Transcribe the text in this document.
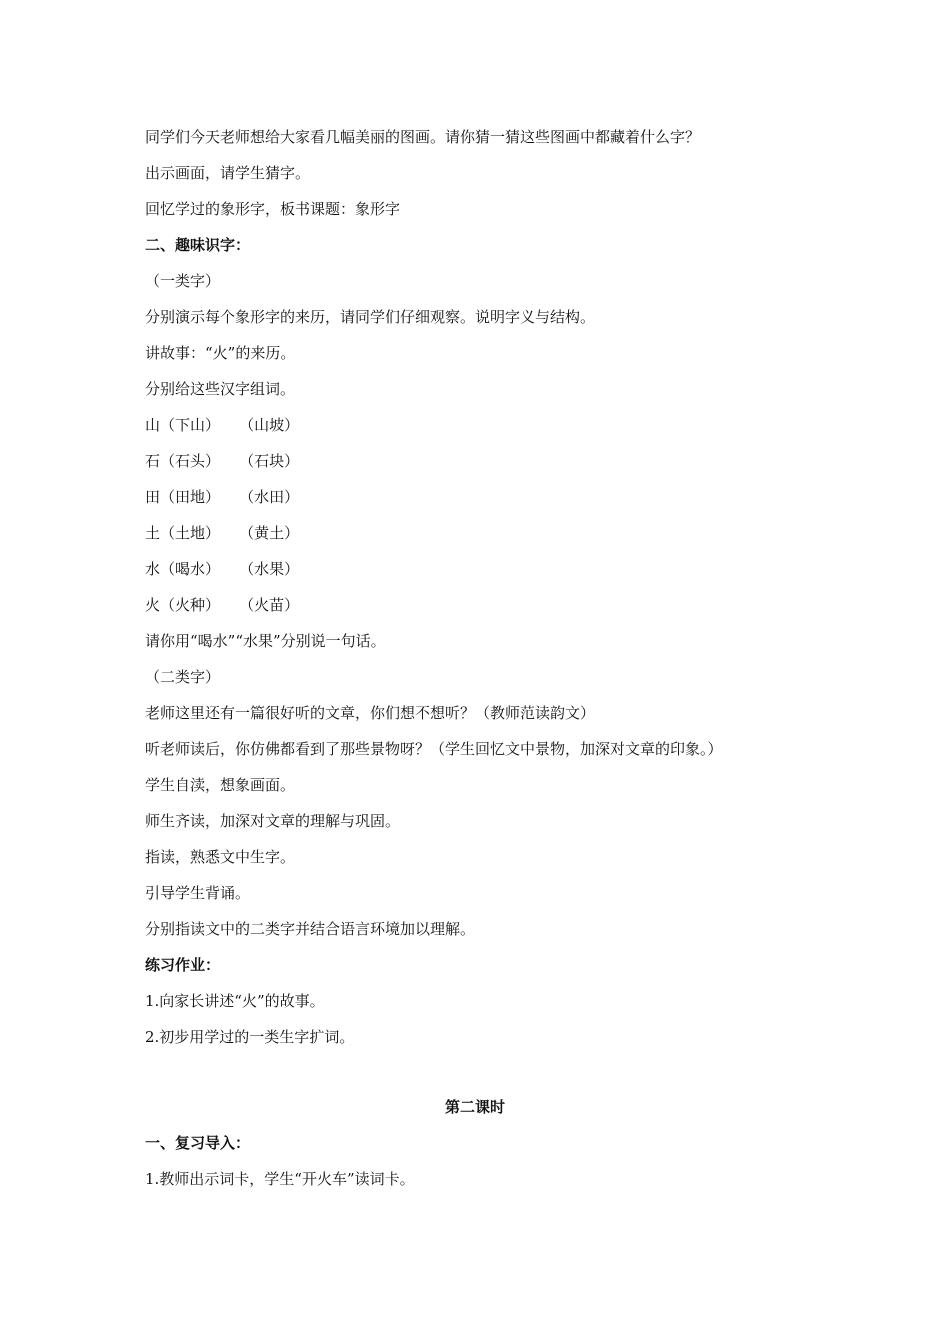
同学们今天老师想给大家看几幅美丽的图画。请你猜一猜这些图画中都藏着什么字？
出示画面，请学生猜字。
回忆学过的象形字，板书课题：象形字
二、趣味识字：
（一类字）
分别演示每个象形字的来历，请同学们仔细观察。说明字义与结构。
讲故事：“火”的来历。
分别给这些汉字组词。
山（下山）    （山坡）
石（石头）    （石块）
田（田地）    （水田）
土（土地）    （黄土）
水（喝水）    （水果）
火（火种）    （火苗）
请你用“喝水”“水果”分别说一句话。
（二类字）
老师这里还有一篇很好听的文章，你们想不想听？（教师范读韵文）
听老师读后，你仿佛都看到了那些景物呀？（学生回忆文中景物，加深对文章的印象。）
学生自渎，想象画面。
师生齐读，加深对文章的理解与巩固。
指读，熟悉文中生字。
引导学生背诵。
分别指读文中的二类字并结合语言环境加以理解。
练习作业：
1.向家长讲述“火”的故事。
2.初步用学过的一类生字扩词。
第二课时
一、复习导入：
1.教师出示词卡，学生“开火车”读词卡。
